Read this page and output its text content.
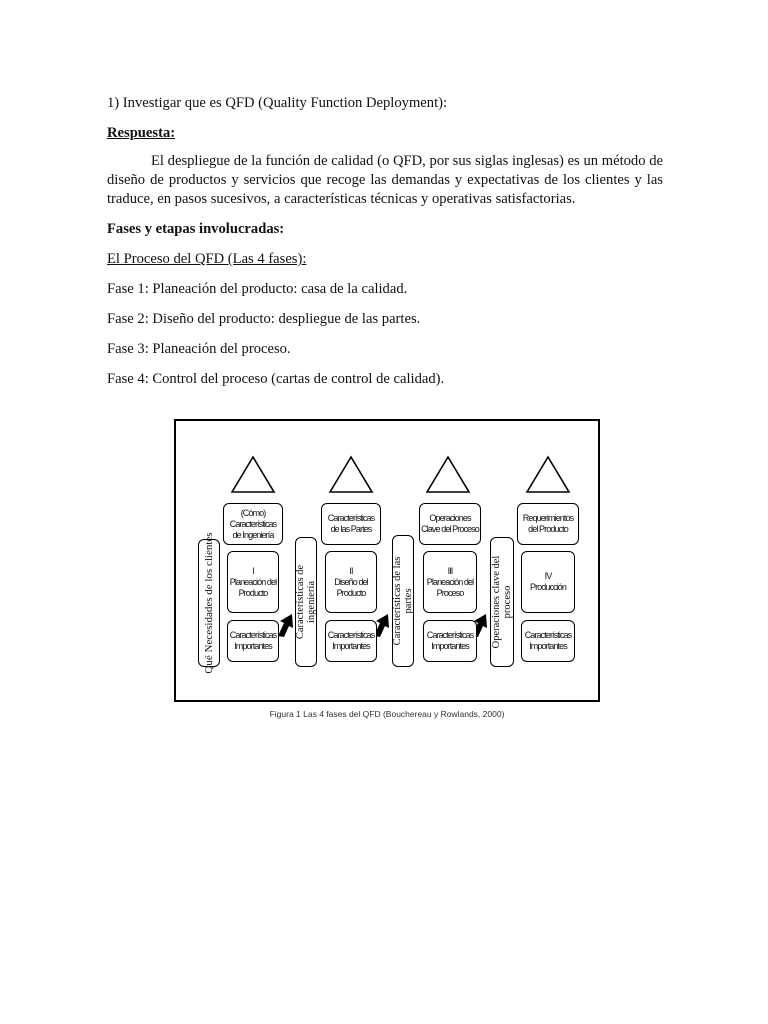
1) Investigar que es QFD (Quality Function Deployment):
Respuesta:
El despliegue de la función de calidad (o QFD, por sus siglas inglesas) es un método de diseño de productos y servicios que recoge las demandas y expectativas de los clientes y las traduce, en pasos sucesivos, a características técnicas y operativas satisfactorias.
Fases y etapas involucradas:
El Proceso del QFD (Las 4 fases):
Fase 1: Planeación del producto: casa de la calidad.
Fase 2: Diseño del producto: despliegue de las partes.
Fase 3: Planeación del proceso.
Fase 4: Control del proceso (cartas de control de calidad).
Qué Necesidades de los clientes	Características de ingeniería	Características de las partes	Operaciones clave del proceso
(Cómo) Características de Ingeniería
I
Planeación del Producto
Características Importantes
Características de las Partes
II
Diseño del Producto
Características Importantes
Operaciones Clave del Proceso
III
Planeación del Proceso
Características Importantes
Requerimientos del Producto
IV
Producción
Características Importantes
Figura 1 Las 4 fases del QFD (Bouchereau y Rowlands, 2000)
